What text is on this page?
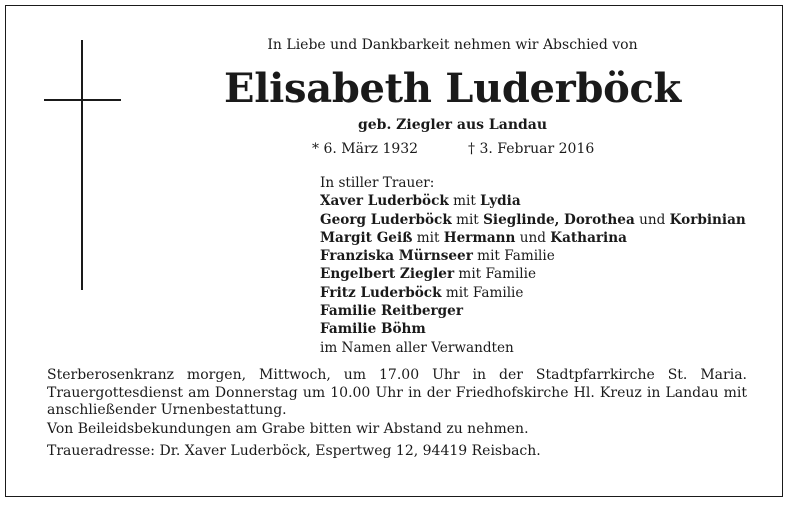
In Liebe und Dankbarkeit nehmen wir Abschied von
Elisabeth Luderböck
geb. Ziegler aus Landau
* 6. März 1932	† 3. Februar 2016
In stiller Trauer:
Xaver Luderböck mit Lydia
Georg Luderböck mit Sieglinde, Dorothea und Korbinian
Margit Geiß mit Hermann und Katharina
Franziska Mürnseer mit Familie
Engelbert Ziegler mit Familie
Fritz Luderböck mit Familie
Familie Reitberger
Familie Böhm
im Namen aller Verwandten

Sterberosenkranz morgen, Mittwoch, um 17.00 Uhr in der Stadtpfarrkirche St. Maria. Trauergottesdienst am Donnerstag um 10.00 Uhr in der Friedhofskirche Hl. Kreuz in Landau mit anschließender Urnenbestattung.

Von Beileidsbekundungen am Grabe bitten wir Abstand zu nehmen.

Traueradresse: Dr. Xaver Luderböck, Espertweg 12, 94419 Reisbach.
